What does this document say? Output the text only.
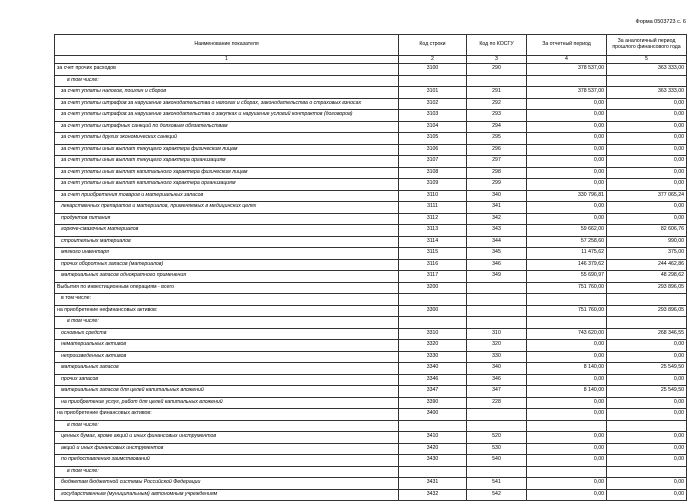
Форма 0503723 с. 6
Наименование показателя	Код строки	Код по КОСГУ	За отчетный период	За аналогичный период прошлого финансового года
1	2	3	4	5
за счет прочих расходов	3100	290	378 537,00	363 333,00
в том числе:				
за счет уплаты налогов, пошлин и сборов	3101	291	378 537,00	363 333,00
за счет уплаты штрафов за нарушение законодательства о налогах и сборах, законодательства о страховых взносах	3102	292	0,00	0,00
за счет уплаты штрафов за нарушение законодательства о закупках и нарушение условий контрактов (договоров)	3103	293	0,00	0,00
за счет уплаты штрафных санкций по долговым обязательствам	3104	294	0,00	0,00
за счет уплаты других экономических санкций	3105	295	0,00	0,00
за счет уплаты иных выплат текущего характера физическим лицам	3106	296	0,00	0,00
за счет уплаты иных выплат текущего характера организациям	3107	297	0,00	0,00
за счет уплаты иных выплат капитального характера физическим лицам	3108	298	0,00	0,00
за счет уплаты иных выплат капитального характера организациям	3109	299	0,00	0,00
за счет приобретения товаров и материальных запасов	3110	340	330 796,81	377 065,24
лекарственных препаратов и материалов, применяемых в медицинских целях	3111	341	0,00	0,00
продуктов питания	3112	342	0,00	0,00
горюче-смазочных материалов	3113	343	59 662,00	82 606,76
строительных материалов	3114	344	57 258,60	990,00
мягкого инвентаря	3115	345	11 475,62	375,00
прочих оборотных запасов (материалов)	3116	346	146 379,62	244 462,86
материальных запасов однократного применения	3117	349	55 690,97	48 298,62
Выбытия по инвестиционным операциям - всего	3200		751 760,00	293 896,05
в том числе:				
на приобретение нефинансовых активов:	3300		751 760,00	293 896,05
в том числе:				
основных средств	3310	310	743 620,00	268 346,55
нематериальных активов	3320	320	0,00	0,00
непроизведенных активов	3330	330	0,00	0,00
материальных запасов	3340	340	8 140,00	25 549,50
прочих запасов	3346	346	0,00	0,00
материальных запасов для целей капитальных вложений	3347	347	8 140,00	25 549,50
на приобретение услуг, работ для целей капитальных вложений	3390	228	0,00	0,00
на приобретение финансовых активов:	3400		0,00	0,00
в том числе:				
ценных бумаг, кроме акций и иных финансовых инструментов	3410	520	0,00	0,00
акций и иных финансовых инструментов	3420	530	0,00	0,00
по предоставлению заимствований	3430	540	0,00	0,00
в том числе:				
бюджетам бюджетной системы Российской Федерации	3431	541	0,00	0,00
государственным (муниципальным) автономным учреждениям	3432	542	0,00	0,00
